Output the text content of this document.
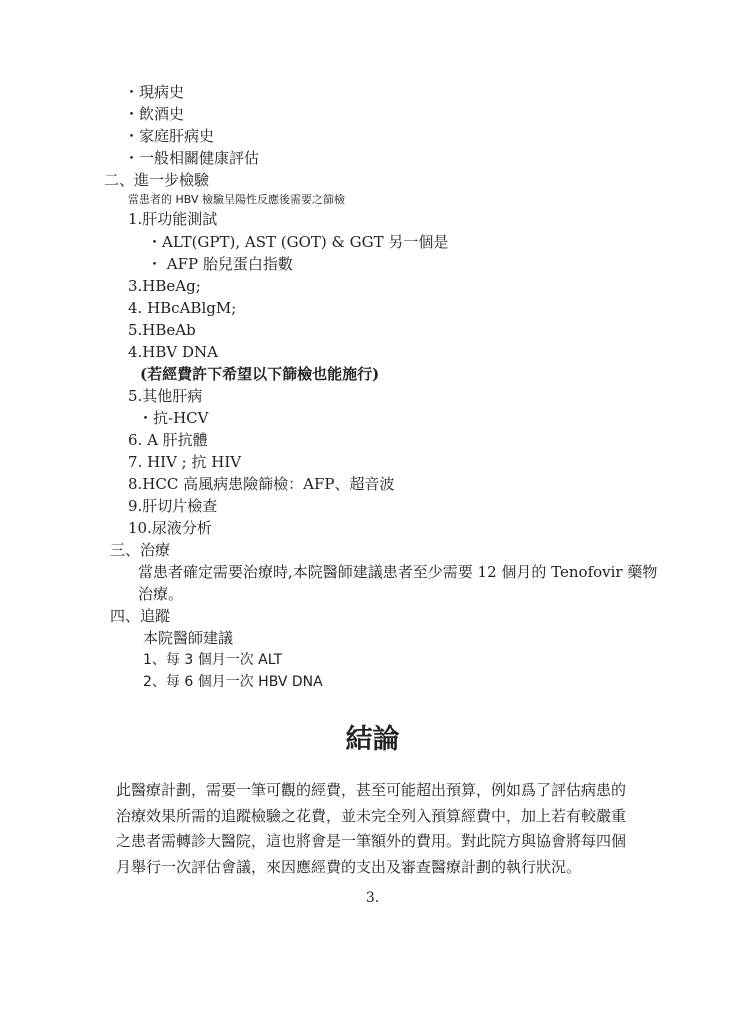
・現病史
・飲酒史
・家庭肝病史
・一般相關健康評估
二、進一步檢驗
當患者的 HBV 檢驗呈陽性反應後需要之篩檢
1.肝功能測試
・ALT(GPT), AST (GOT) & GGT 另一個是
・ AFP 胎兒蛋白指數
3.HBeAg;
4. HBcABlgM;
5.HBeAb
4.HBV DNA
(若經費許下希望以下篩檢也能施行)
5.其他肝病
・抗-HCV
6. A 肝抗體
7. HIV ; 抗 HIV
8.HCC 高風病患險篩檢：AFP、超音波
9.肝切片檢查
10.尿液分析
三、治療
當患者確定需要治療時,本院醫師建議患者至少需要 12 個月的 Tenofovir 藥物
治療。
四、追蹤
本院醫師建議
1、每 3 個月一次 ALT
2、每 6 個月一次 HBV DNA
結論
此醫療計劃，需要一筆可觀的經費，甚至可能超出預算，例如爲了評估病患的
治療效果所需的追蹤檢驗之花費，並未完全列入預算經費中，加上若有較嚴重
之患者需轉診大醫院，這也將會是一筆額外的費用。對此院方與協會將每四個
月舉行一次評估會議，來因應經費的支出及審查醫療計劃的執行狀況。
3.
